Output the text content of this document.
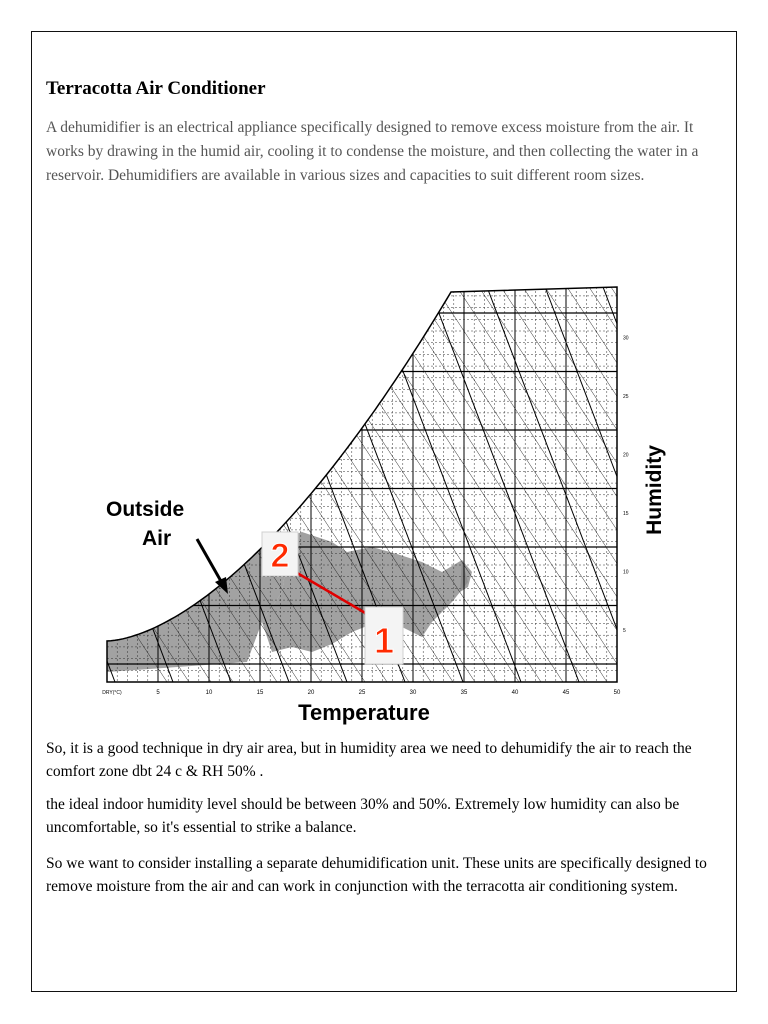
Terracotta Air Conditioner

A dehumidifier is an electrical appliance specifically designed to remove excess moisture from the air. It works by drawing in the humid air, cooling it to condense the moisture, and then collecting the water in a reservoir. Dehumidifiers are available in various sizes and capacities to suit different room sizes.

DRY(°C)	5	10	15	20	25	30	35	40	45	50
5
10
15
20
25
30
Outside
Air	2
1
Temperature
Humidity

So, it is a good technique in dry air area, but in humidity area we need to dehumidify the air to reach the comfort zone dbt 24 c & RH 50% .

the ideal indoor humidity level should be between 30% and 50%. Extremely low humidity can also be uncomfortable, so it's essential to strike a balance.

So we want to consider installing a separate dehumidification unit. These units are specifically designed to remove moisture from the air and can work in conjunction with the terracotta air conditioning system.
